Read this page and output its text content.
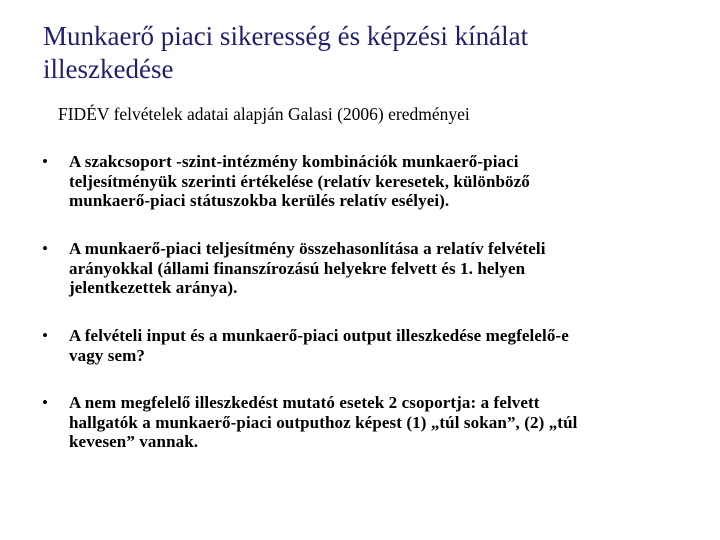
Munkaerő piaci sikeresség és képzési kínálat
illeszkedése

FIDÉV felvételek adatai alapján Galasi (2006) eredményei

• A szakcsoport -szint-intézmény kombinációk munkaerő-piaci
teljesítményük szerinti értékelése (relatív keresetek, különböző
munkaerő-piaci státuszokba kerülés relatív esélyei).
• A munkaerő-piaci teljesítmény összehasonlítása a relatív felvételi
arányokkal (állami finanszírozású helyekre felvett és 1. helyen
jelentkezettek aránya).
• A felvételi input és a munkaerő-piaci output illeszkedése megfelelő-e
vagy sem?
• A nem megfelelő illeszkedést mutató esetek 2 csoportja: a felvett
hallgatók a munkaerő-piaci outputhoz képest (1) „túl sokan”, (2) „túl
kevesen” vannak.
